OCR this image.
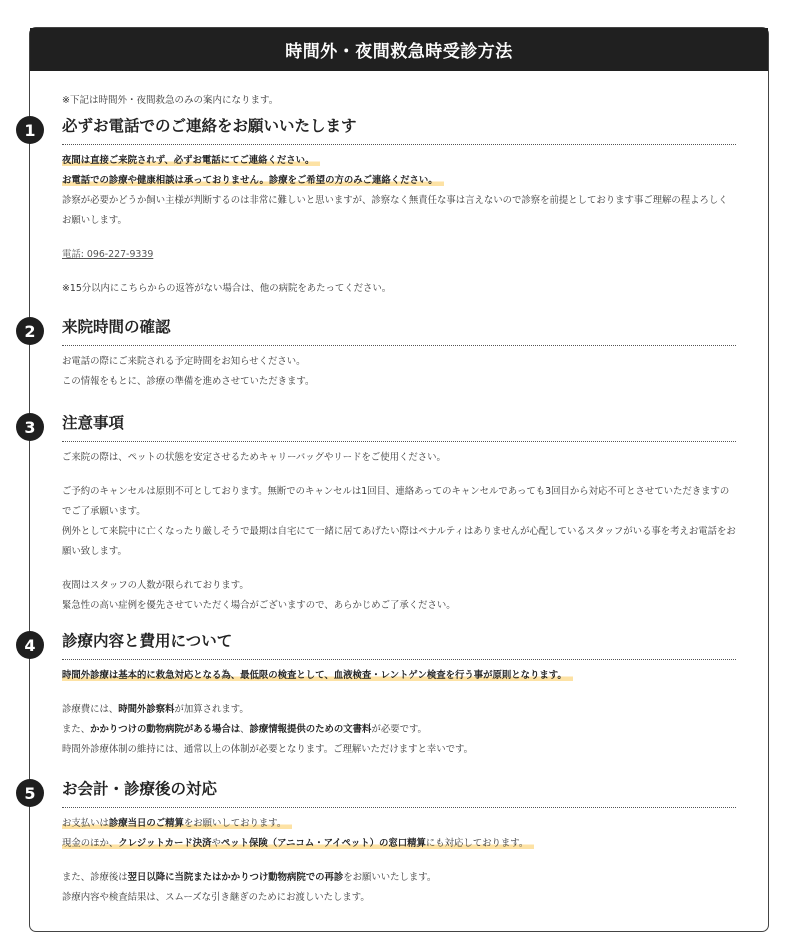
時間外・夜間救急時受診方法
※下記は時間外・夜間救急のみの案内になります。
1	必ずお電話でのご連絡をお願いいたします

夜間は直接ご来院されず、必ずお電話にてご連絡ください。

お電話での診療や健康相談は承っておりません。診療をご希望の方のみご連絡ください。

診察が必要かどうか飼い主様が判断するのは非常に難しいと思いますが、診察なく無責任な事は言えないので診察を前提としております事ご理解の程よろしくお願いします。

電話: 096-227-9339

※15分以内にこちらからの返答がない場合は、他の病院をあたってください。

2	来院時間の確認

お電話の際にご来院される予定時間をお知らせください。

この情報をもとに、診療の準備を進めさせていただきます。

3	注意事項

ご来院の際は、ペットの状態を安定させるためキャリーバッグやリードをご使用ください。

ご予約のキャンセルは原則不可としております。無断でのキャンセルは1回目、連絡あってのキャンセルであっても3回目から対応不可とさせていただきますのでご了承願います。

例外として来院中に亡くなったり厳しそうで最期は自宅にて一緒に居てあげたい際はペナルティはありませんが心配しているスタッフがいる事を考えお電話をお願い致します。

夜間はスタッフの人数が限られております。

緊急性の高い症例を優先させていただく場合がございますので、あらかじめご了承ください。

4	診療内容と費用について

時間外診療は基本的に救急対応となる為、最低限の検査として、血液検査・レントゲン検査を行う事が原則となります。

診療費には、時間外診察料が加算されます。

また、かかりつけの動物病院がある場合は、診療情報提供のための文書料が必要です。

時間外診療体制の維持には、通常以上の体制が必要となります。ご理解いただけますと幸いです。

5	お会計・診療後の対応

お支払いは診療当日のご精算をお願いしております。

現金のほか、クレジットカード決済やペット保険（アニコム・アイペット）の窓口精算にも対応しております。

また、診療後は翌日以降に当院またはかかりつけ動物病院での再診をお願いいたします。

診療内容や検査結果は、スムーズな引き継ぎのためにお渡しいたします。
